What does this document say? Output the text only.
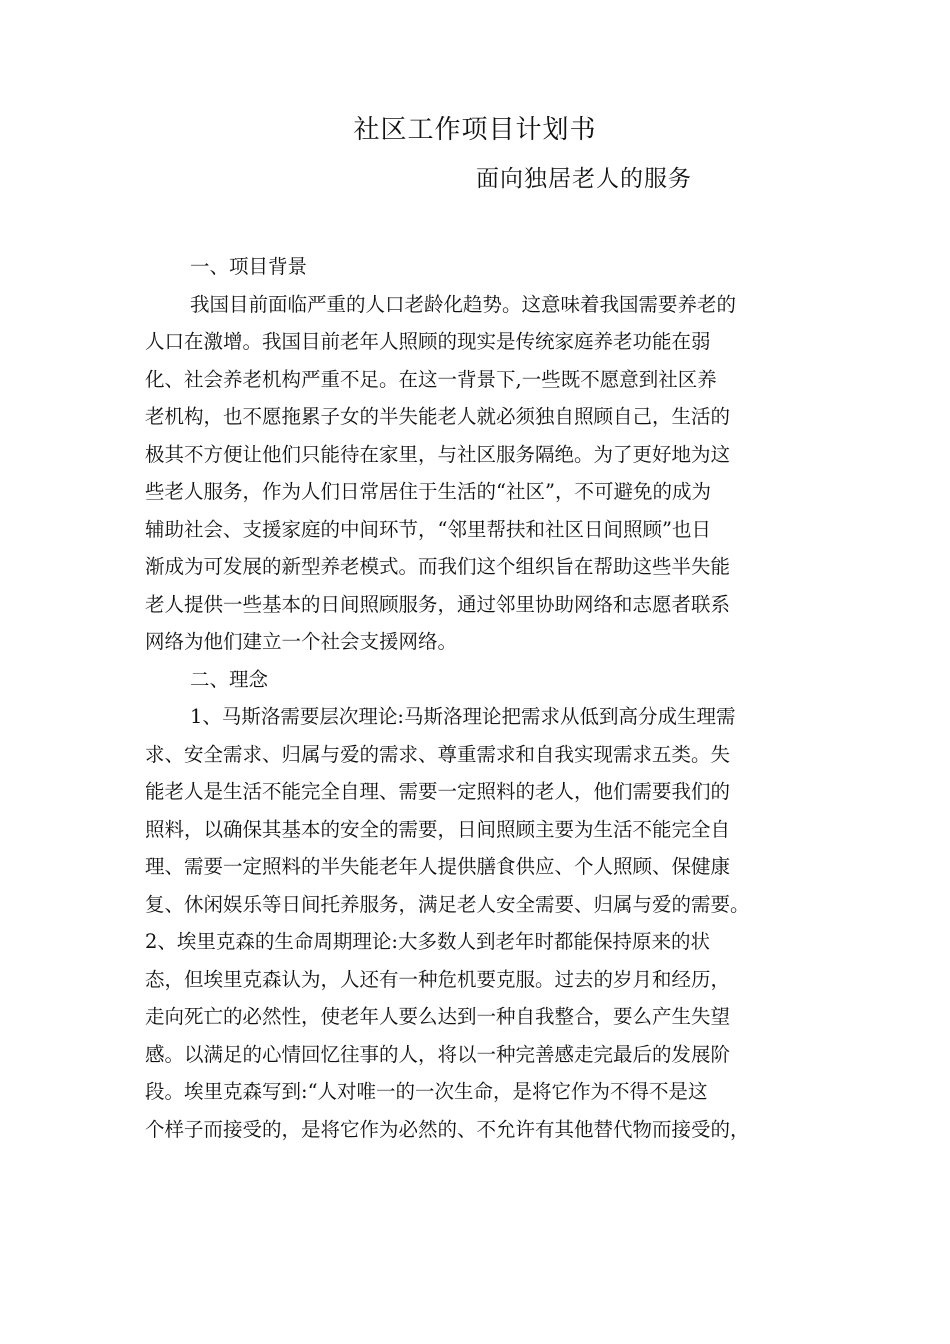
社区工作项目计划书
面向独居老人的服务
一、项目背景
我国目前面临严重的人口老龄化趋势。这意味着我国需要养老的
人口在激增。我国目前老年人照顾的现实是传统家庭养老功能在弱
化、社会养老机构严重不足。在这一背景下,一些既不愿意到社区养
老机构，也不愿拖累子女的半失能老人就必须独自照顾自己，生活的
极其不方便让他们只能待在家里，与社区服务隔绝。为了更好地为这
些老人服务，作为人们日常居住于生活的“社区”，不可避免的成为
辅助社会、支援家庭的中间环节，“邻里帮扶和社区日间照顾”也日
渐成为可发展的新型养老模式。而我们这个组织旨在帮助这些半失能
老人提供一些基本的日间照顾服务，通过邻里协助网络和志愿者联系
网络为他们建立一个社会支援网络。
二、理念
1、马斯洛需要层次理论:马斯洛理论把需求从低到高分成生理需
求、安全需求、归属与爱的需求、尊重需求和自我实现需求五类。失
能老人是生活不能完全自理、需要一定照料的老人，他们需要我们的
照料，以确保其基本的安全的需要，日间照顾主要为生活不能完全自
理、需要一定照料的半失能老年人提供膳食供应、个人照顾、保健康
复、休闲娱乐等日间托养服务，满足老人安全需要、归属与爱的需要。
2、埃里克森的生命周期理论:大多数人到老年时都能保持原来的状
态，但埃里克森认为，人还有一种危机要克服。过去的岁月和经历，
走向死亡的必然性，使老年人要么达到一种自我整合，要么产生失望
感。以满足的心情回忆往事的人，将以一种完善感走完最后的发展阶
段。埃里克森写到:“人对唯一的一次生命，是将它作为不得不是这
个样子而接受的，是将它作为必然的、不允许有其他替代物而接受的，
